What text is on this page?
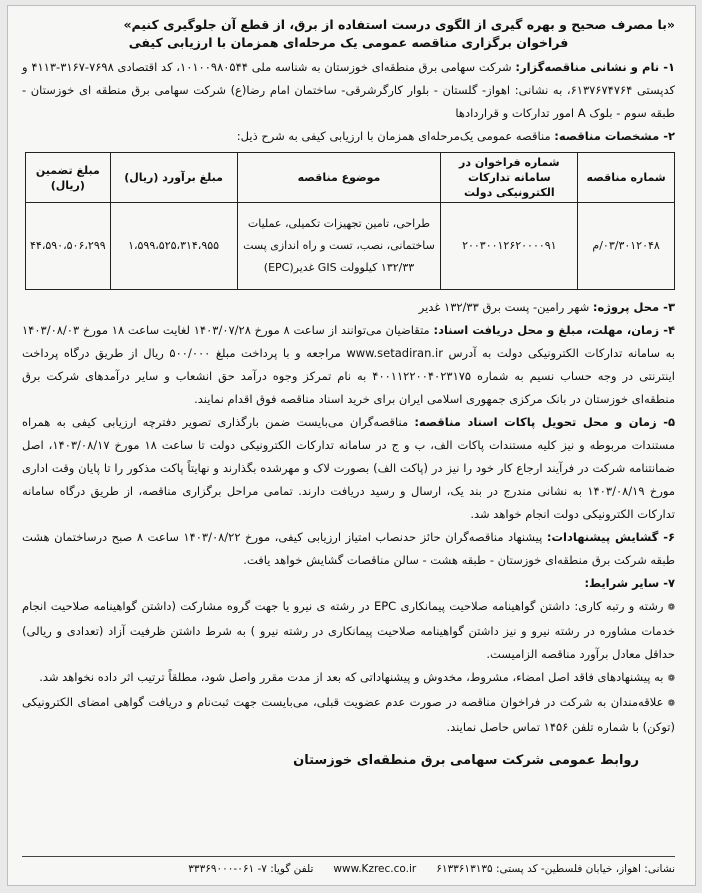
«با مصرف صحیح و بهره گیری از الگوی درست استفاده از برق، از قطع آن جلوگیری کنیم»
فراخوان برگزاری مناقصه عمومی یک مرحله‌ای همزمان با ارزیابی کیفی

۱- نام و نشانی مناقصه‌گزار: شرکت سهامی برق منطقه‌ای خوزستان به شناسه ملی ۱۰۱۰۰۹۸۰۵۴۴، کد اقتصادی ۷۶۹۸-۳۱۶۷-۴۱۱۳ و کدپستی ۶۱۳۷۶۷۴۷۶۴، به نشانی: اهواز- گلستان - بلوار کارگرشرقی- ساختمان امام رضا(ع) شرکت سهامی برق منطقه ای خوزستان - طبقه سوم - بلوک A امور تدارکات و قراردادها

۲- مشخصات مناقصه: مناقصه عمومی یک‌مرحله‌ای همزمان با ارزیابی کیفی به شرح ذیل:

شماره مناقصه	شماره فراخوان در سامانه تدارکات الکترونیکی دولت	موضوع مناقصه	مبلغ برآورد (ریال)	مبلغ تضمین (ریال)
۰۳/۳۰۱۲۰۴۸/م	۲۰۰۳۰۰۱۲۶۲۰۰۰۰۹۱	طراحی، تامین تجهیزات تکمیلی، عملیات ساختمانی، نصب، تست و راه اندازی پست ۱۳۲/۳۳ کیلوولت GIS غدیر(EPC)	۱،۵۹۹،۵۲۵،۳۱۴،۹۵۵	۴۴،۵۹۰،۵۰۶،۲۹۹

۳- محل پروژه: شهر رامین- پست برق ۱۳۲/۳۳ غدیر

۴- زمان، مهلت، مبلغ و محل دریافت اسناد: متقاضیان می‌توانند از ساعت ۸ مورخ ۱۴۰۳/۰۷/۲۸ لغایت ساعت ۱۸ مورخ ۱۴۰۳/۰۸/۰۳ به سامانه تدارکات الکترونیکی دولت به آدرس www.setadiran.ir مراجعه و با پرداخت مبلغ ۵۰۰/۰۰۰ ریال از طریق درگاه پرداخت اینترنتی در وجه حساب نسیم به شماره ۴۰۰۱۱۲۲۰۰۴۰۲۳۱۷۵ به نام تمرکز وجوه درآمد حق انشعاب و سایر درآمدهای شرکت برق منطقه‌ای خوزستان در بانک مرکزی جمهوری اسلامی ایران برای خرید اسناد مناقصه فوق اقدام نمایند.

۵- زمان و محل تحویل پاکات اسناد مناقصه: مناقصه‌گران می‌بایست ضمن بارگذاری تصویر دفترچه ارزیابی کیفی به همراه مستندات مربوطه و نیز کلیه مستندات پاکات الف، ب و ج در سامانه تدارکات الکترونیکی دولت تا ساعت ۱۸ مورخ ۱۴۰۳/۰۸/۱۷، اصل ضمانتنامه شرکت در فرآیند ارجاع کار خود را نیز در (پاکت الف) بصورت لاک و مهرشده بگذارند و نهایتاً پاکت مذکور را تا پایان وقت اداری مورخ ۱۴۰۳/۰۸/۱۹ به نشانی مندرج در بند یک، ارسال و رسید دریافت دارند. تمامی مراحل برگزاری مناقصه، از طریق درگاه سامانه تدارکات الکترونیکی دولت انجام خواهد شد.

۶- گشایش پیشنهادات: پیشنهاد مناقصه‌گران حائز حدنصاب امتیاز ارزیابی کیفی، مورخ ۱۴۰۳/۰۸/۲۲ ساعت ۸ صبح درساختمان هشت طبقه شرکت برق منطقه‌ای خوزستان - طبقه هشت - سالن مناقصات گشایش خواهد یافت.

۷- سایر شرایط:

❁رشته و رتبه کاری: داشتن گواهینامه صلاحیت پیمانکاری EPC در رشته ی نیرو یا جهت گروه مشارکت (داشتن گواهینامه صلاحیت انجام خدمات مشاوره در رشته نیرو و نیز داشتن گواهینامه صلاحیت پیمانکاری در رشته نیرو ) به شرط داشتن ظرفیت آزاد (تعدادی و ریالی) حداقل معادل برآورد مناقصه الزامیست.

❁به پیشنهادهای فاقد اصل امضاء، مشروط، مخدوش و پیشنهاداتی که بعد از مدت مقرر واصل شود، مطلقاً ترتیب اثر داده نخواهد شد.

❁علاقه‌مندان به شرکت در فراخوان مناقصه در صورت عدم عضویت قبلی، می‌بایست جهت ثبت‌نام و دریافت گواهی امضای الکترونیکی (توکن) با شماره تلفن ۱۴۵۶ تماس حاصل نمایند.

روابط عمومی شرکت سهامی برق منطقه‌ای خوزستان
نشانی: اهواز، خیابان فلسطین- کد پستی: ۶۱۳۳۶۱۳۱۳۵      www.Kzrec.co.ir      تلفن گویا: ۷- ۰۶۱-۳۳۳۶۹۰۰۰
